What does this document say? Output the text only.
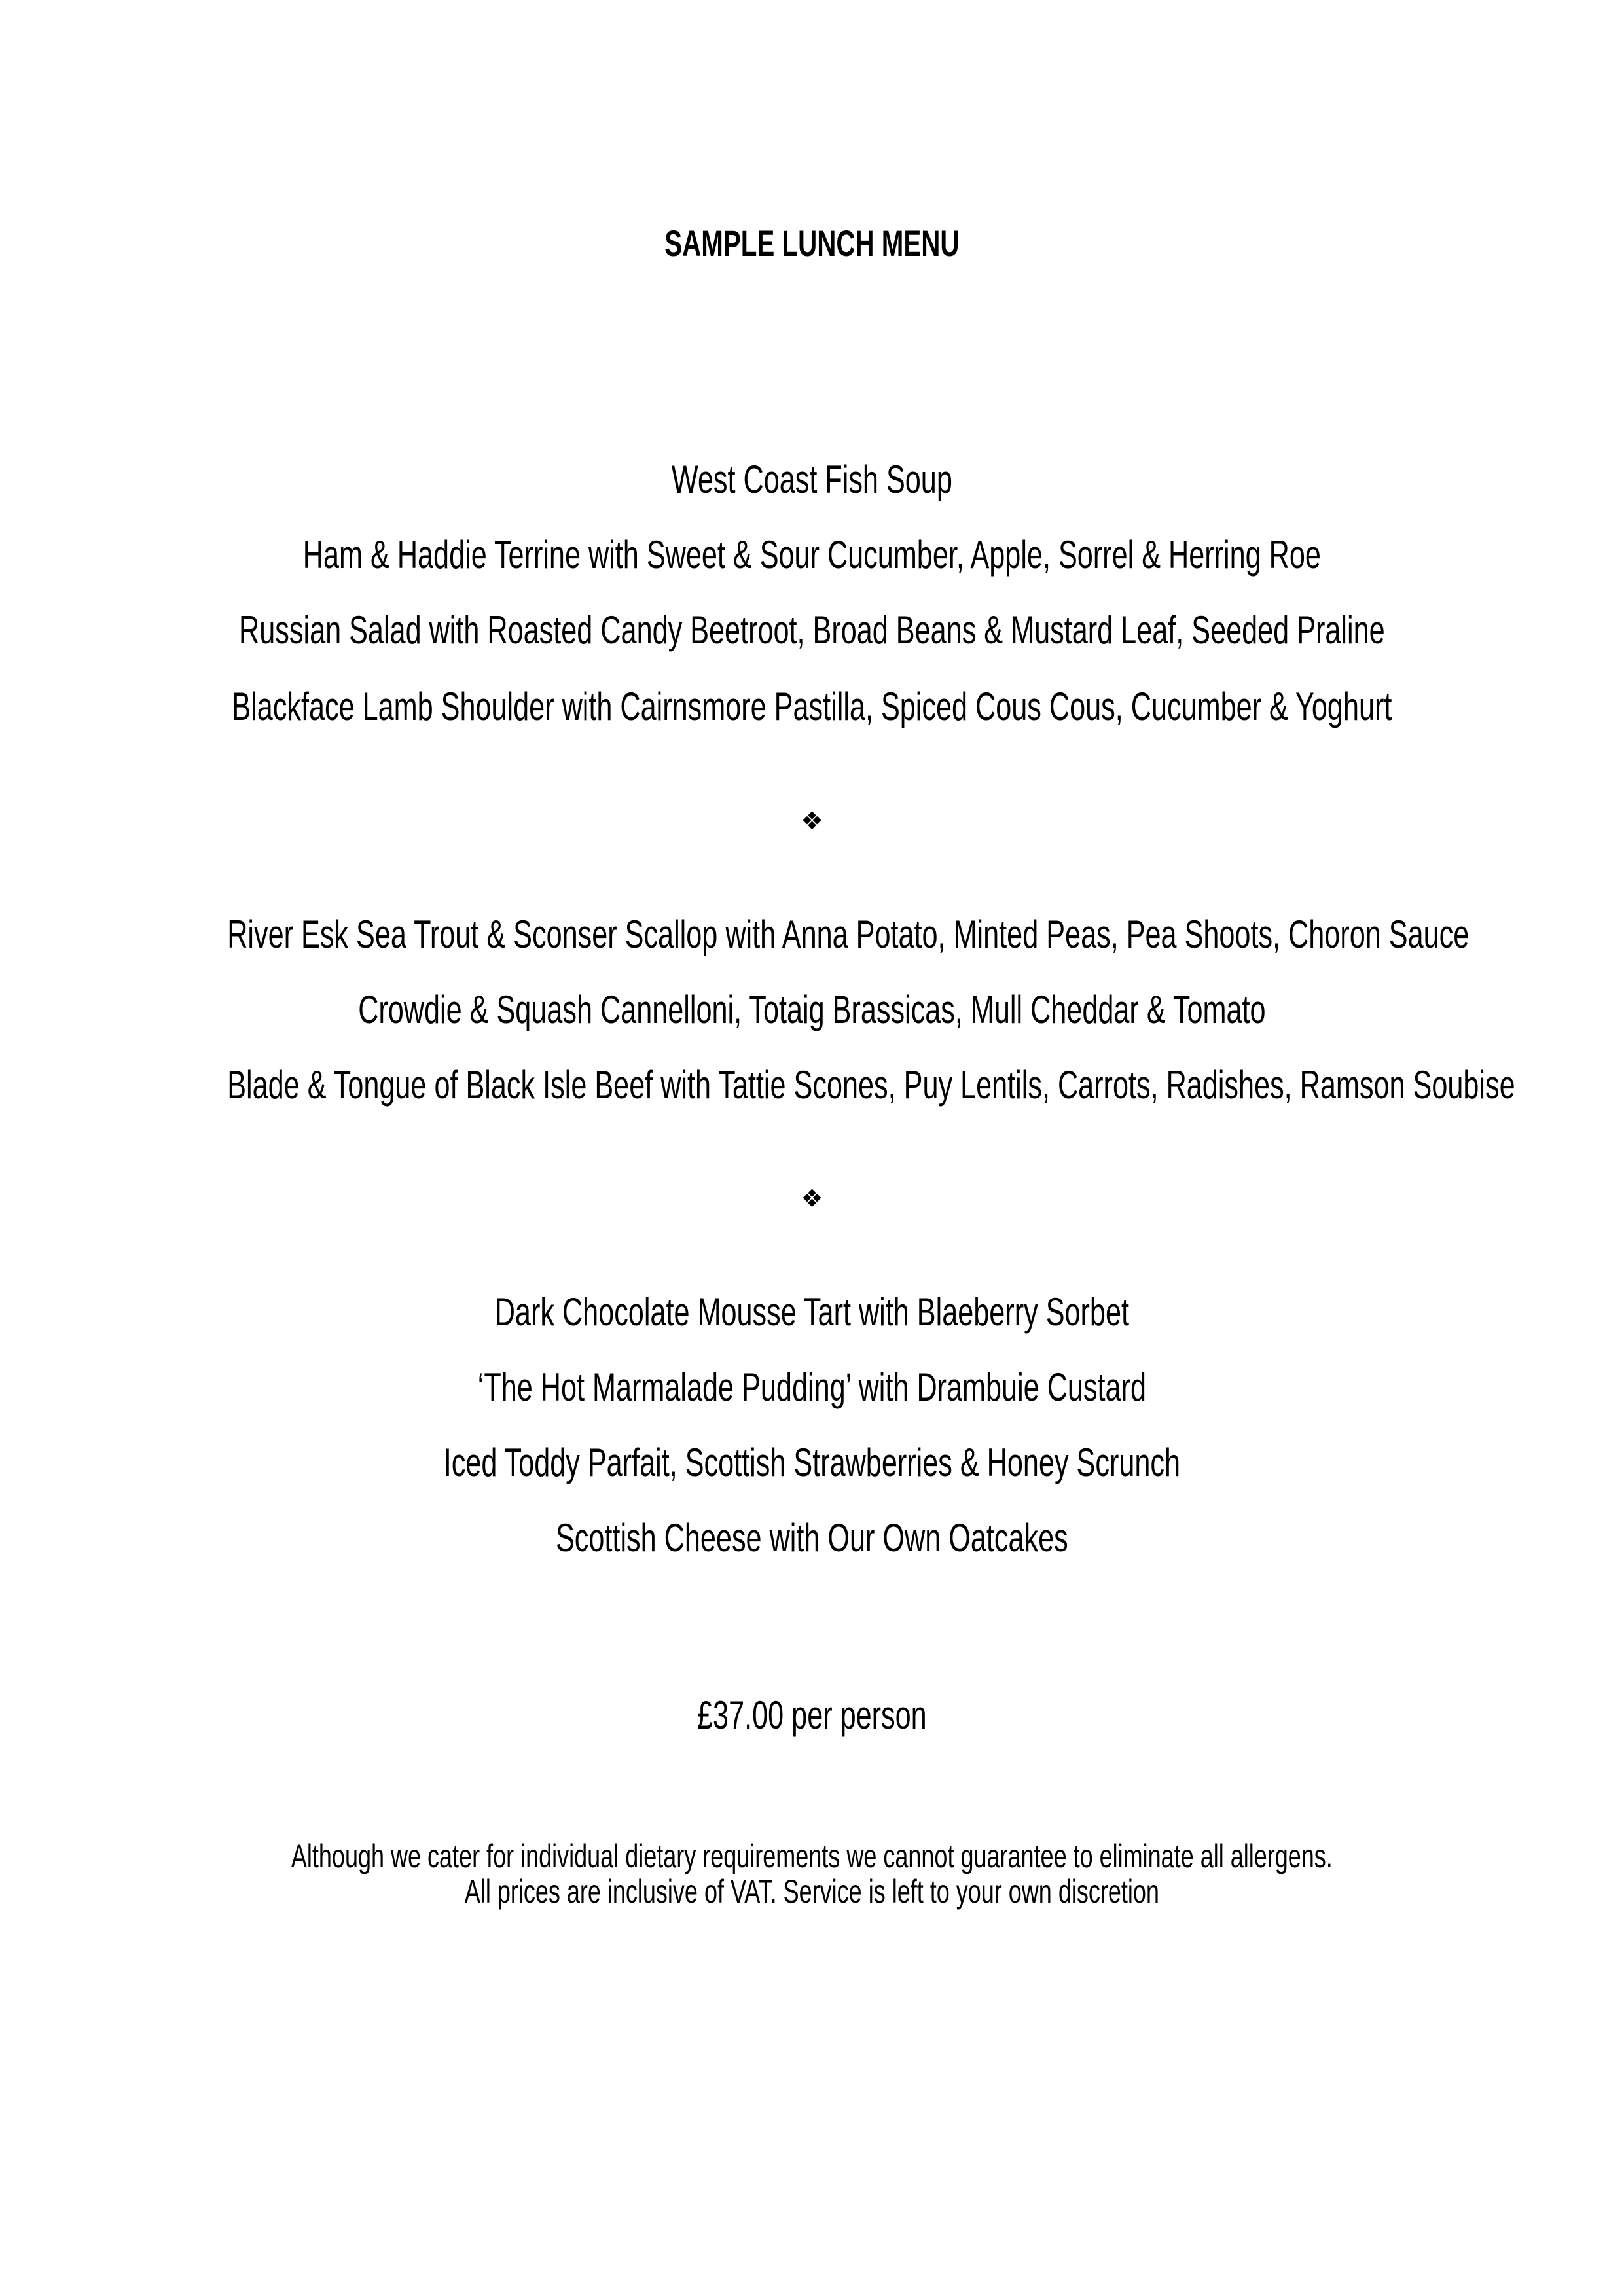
SAMPLE LUNCH MENU
West Coast Fish Soup
Ham & Haddie Terrine with Sweet & Sour Cucumber, Apple, Sorrel & Herring Roe
Russian Salad with Roasted Candy Beetroot, Broad Beans & Mustard Leaf, Seeded Praline
Blackface Lamb Shoulder with Cairnsmore Pastilla, Spiced Cous Cous, Cucumber & Yoghurt
❖
River Esk Sea Trout & Sconser Scallop with Anna Potato, Minted Peas, Pea Shoots, Choron Sauce
Crowdie & Squash Cannelloni, Totaig Brassicas, Mull Cheddar & Tomato
Blade & Tongue of Black Isle Beef with Tattie Scones, Puy Lentils, Carrots, Radishes, Ramson Soubise
❖
Dark Chocolate Mousse Tart with Blaeberry Sorbet
‘The Hot Marmalade Pudding’ with Drambuie Custard
Iced Toddy Parfait, Scottish Strawberries & Honey Scrunch
Scottish Cheese with Our Own Oatcakes
£37.00 per person
Although we cater for individual dietary requirements we cannot guarantee to eliminate all allergens.
All prices are inclusive of VAT. Service is left to your own discretion
